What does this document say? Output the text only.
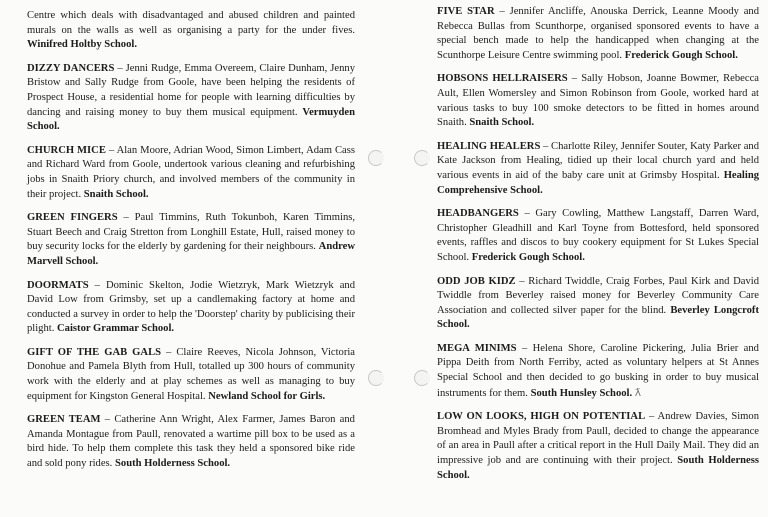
Centre which deals with disadvantaged and abused children and painted murals on the walls as well as organising a party for the under fives. Winifred Holtby School.
DIZZY DANCERS – Jenni Rudge, Emma Overeem, Claire Dunham, Jenny Bristow and Sally Rudge from Goole, have been helping the residents of Prospect House, a residential home for people with learning difficulties by dancing and raising money to buy them musical equipment. Vermuyden School.
CHURCH MICE – Alan Moore, Adrian Wood, Simon Limbert, Adam Cass and Richard Ward from Goole, undertook various cleaning and refurbishing jobs in Snaith Priory church, and involved members of the community in their project. Snaith School.
GREEN FINGERS – Paul Timmins, Ruth Tokunboh, Karen Timmins, Stuart Beech and Craig Stretton from Longhill Estate, Hull, raised money to buy security locks for the elderly by gardening for their neighbours. Andrew Marvell School.
DOORMATS – Dominic Skelton, Jodie Wietzryk, Mark Wietzryk and David Low from Grimsby, set up a candlemaking factory at home and conducted a survey in order to help the 'Doorstep' charity by publicising their plight. Caistor Grammar School.
GIFT OF THE GAB GALS – Claire Reeves, Nicola Johnson, Victoria Donohue and Pamela Blyth from Hull, totalled up 300 hours of community work with the elderly and at play schemes as well as managing to buy equipment for Kingston General Hospital. Newland School for Girls.
GREEN TEAM – Catherine Ann Wright, Alex Farmer, James Baron and Amanda Montague from Paull, renovated a wartime pill box to be used as a bird hide. To help them complete this task they held a sponsored bike ride and sold pony rides. South Holderness School.
FIVE STAR – Jennifer Ancliffe, Anouska Derrick, Leanne Moody and Rebecca Bullas from Scunthorpe, organised sponsored events to have a special bench made to help the handicapped when changing at the Scunthorpe Leisure Centre swimming pool. Frederick Gough School.
HOBSONS HELLRAISERS – Sally Hobson, Joanne Bowmer, Rebecca Ault, Ellen Womersley and Simon Robinson from Goole, worked hard at various tasks to buy 100 smoke detectors to be fitted in homes around Snaith. Snaith School.
HEALING HEALERS – Charlotte Riley, Jennifer Souter, Katy Parker and Kate Jackson from Healing, tidied up their local church yard and held various events in aid of the baby care unit at Grimsby Hospital. Healing Comprehensive School.
HEADBANGERS – Gary Cowling, Matthew Langstaff, Darren Ward, Christopher Gleadhill and Karl Toyne from Bottesford, held sponsored events, raffles and discos to buy cookery equipment for St Lukes Special School. Frederick Gough School.
ODD JOB KIDZ – Richard Twiddle, Craig Forbes, Paul Kirk and David Twiddle from Beverley raised money for Beverley Community Care Association and collected silver paper for the blind. Beverley Longcroft School.
MEGA MINIMS – Helena Shore, Caroline Pickering, Julia Brier and Pippa Deith from North Ferriby, acted as voluntary helpers at St Annes Special School and then decided to go busking in order to buy musical instruments for them. South Hunsley School. ƛ
LOW ON LOOKS, HIGH ON POTENTIAL – Andrew Davies, Simon Bromhead and Myles Brady from Paull, decided to change the appearance of an area in Paull after a critical report in the Hull Daily Mail. They did an impressive job and are continuing with their project. South Holderness School.
